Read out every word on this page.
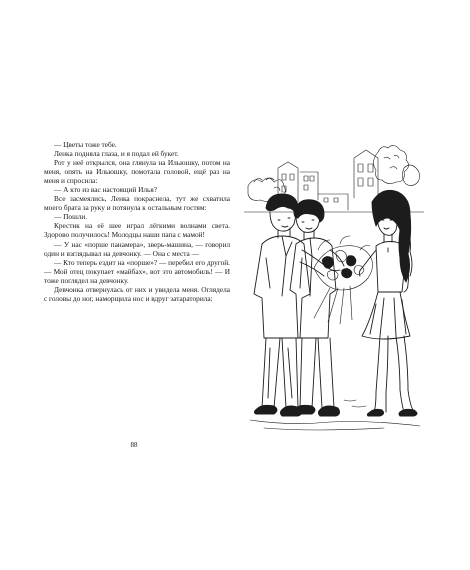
— Цветы тоже тебе.

Ленка подняла глаза, и я подал ей букет.

Рот у неё открылся, она глянула на Ильюшку, потом на меня, опять на Ильюшку, помотала головой, ещё раз на меня и спросила:

— А кто из вас настоящий Илья?

Все засмеялись, Ленка покраснела, тут же схватила моего брата за руку и потянула к остальным гостям:

— Пошли.

Крестик на её шее играл лёгкими волнами света. Здорово получилось! Молодцы наши папа с мамой!

— У нас «порше панамера», зверь-машина, — говорил один и взглядывал на девчонку. — Она с места —

— Кто теперь ездит на «порше»? — перебил его другой. — Мой отец покупает «майбах», вот это автомобиль! — И тоже поглядел на девчонку.

Девчонка отвернулась от них и увидела меня. Оглядела с головы до ног, наморщила нос и вдруг затараторила:

88
